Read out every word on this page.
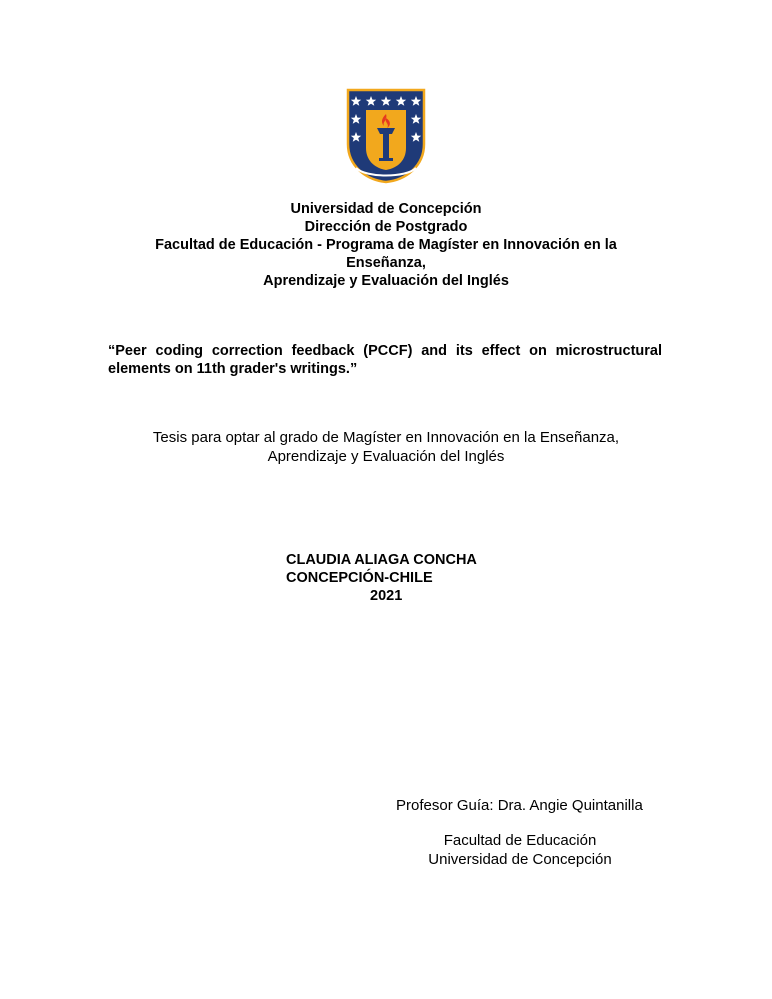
Universidad de Concepción
Dirección de Postgrado
Facultad de Educación - Programa de Magíster en Innovación en la
Enseñanza,
Aprendizaje y Evaluación del Inglés
“Peer coding correction feedback (PCCF) and its effect on microstructural elements on 11th grader's writings.”
Tesis para optar al grado de Magíster en Innovación en la Enseñanza,
Aprendizaje y Evaluación del Inglés
CLAUDIA ALIAGA CONCHA
CONCEPCIÓN-CHILE
2021
Profesor Guía: Dra. Angie Quintanilla
Facultad de Educación
Universidad de Concepción
